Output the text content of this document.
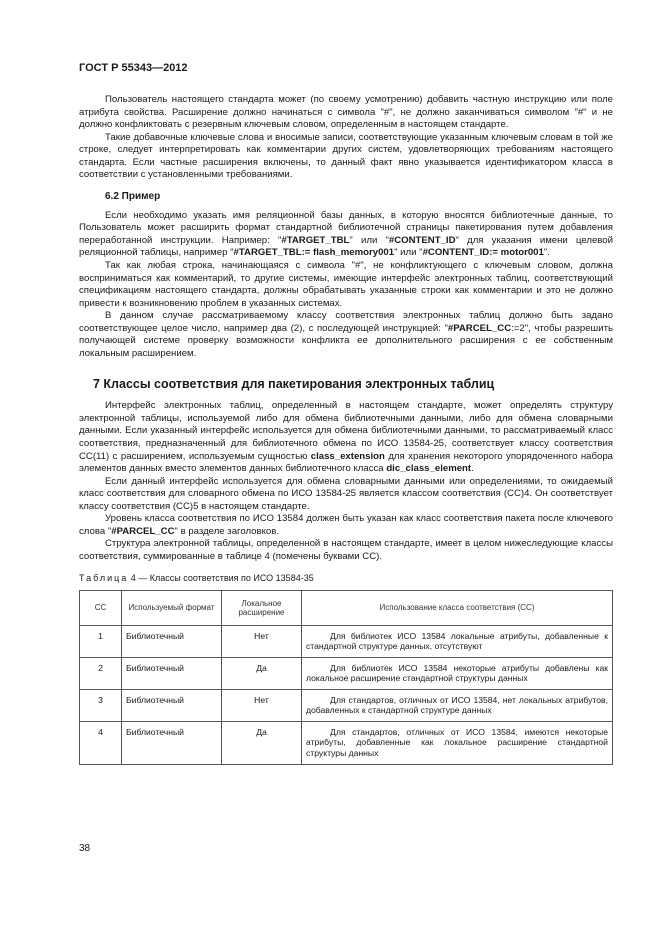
ГОСТ Р 55343—2012

Пользователь настоящего стандарта может (по своему усмотрению) добавить частную инструкцию или поле атрибута свойства. Расширение должно начинаться с символа "#", не должно заканчиваться символом "#" и не должно конфликтовать с резервным ключевым словом, определенным в настоящем стандарте.

Такие добавочные ключевые слова и вносимые записи, соответствующие указанным ключевым словам в той же строке, следует интерпретировать как комментарии других систем, удовлетворяющих требованиям настоящего стандарта. Если частные расширения включены, то данный факт явно указывается идентификатором класса в соответствии с установленными требованиями.

6.2 Пример

Если необходимо указать имя реляционной базы данных, в которую вносятся библиотечные данные, то Пользователь может расширить формат стандартной библиотечной страницы пакетирования путем добавления переработанной инструкции. Например: "#TARGET_TBL" или "#CONTENT_ID" для указания имени целевой реляционной таблицы, например "#TARGET_TBL:= flash_memory001" или "#CONTENT_ID:= motor001".

Так как любая строка, начинающаяся с символа "#", не конфликтующего с ключевым словом, должна восприниматься как комментарий, то другие системы, имеющие интерфейс электронных таблиц, соответствующий спецификациям настоящего стандарта, должны обрабатывать указанные строки как комментарии и это не должно привести к возникновению проблем в указанных системах.

В данном случае рассматриваемому классу соответствия электронных таблиц должно быть задано соответствующее целое число, например два (2), с последующей инструкцией: "#PARCEL_CC:=2", чтобы разрешить получающей системе проверку возможности конфликта ее дополнительного расширения с ее собственным локальным расширением.

7 Классы соответствия для пакетирования электронных таблиц

Интерфейс электронных таблиц, определенный в настоящем стандарте, может определять структуру электронной таблицы, используемой либо для обмена библиотечными данными, либо для обмена словарными данными. Если указанный интерфейс используется для обмена библиотечными данными, то рассматриваемый класс соответствия, предназначенный для библиотечного обмена по ИСО 13584-25, соответствует классу соответствия СС(11) с расширением, используемым сущностью class_extension для хранения некоторого упорядоченного набора элементов данных вместо элементов данных библиотечного класса dic_class_element.

Если данный интерфейс используется для обмена словарными данными или определениями, то ожидаемый класс соответствия для словарного обмена по ИСО 13584-25 является классом соответствия (СС)4. Он соответствует классу соответствия (СС)5 в настоящем стандарте.

Уровень класса соответствия по ИСО 13584 должен быть указан как класс соответствия пакета после ключевого слова "#PARCEL_CC" в разделе заголовков.

Структура электронной таблицы, определенной в настоящем стандарте, имеет в целом нижеследующие классы соответствия, суммированные в таблице 4 (помечены буквами СС).

Таблица 4 — Классы соответствия по ИСО 13584-35
СС	Используемый формат	Локальное расширение	Использование класса соответствия (СС)
1	Библиотечный	Нет	Для библиотек ИСО 13584 локальные атрибуты, добавленные к стандартной структуре данных, отсутствуют
2	Библиотечный	Да	Для библиотек ИСО 13584 некоторые атрибуты добавлены как локальное расширение стандартной структуры данных
3	Библиотечный	Нет	Для стандартов, отличных от ИСО 13584, нет локальных атрибутов, добавленных к стандартной структуре данных
4	Библиотечный	Да	Для стандартов, отличных от ИСО 13584, имеются некоторые атрибуты, добавленные как локальное расширение стандартной структуры данных
38
